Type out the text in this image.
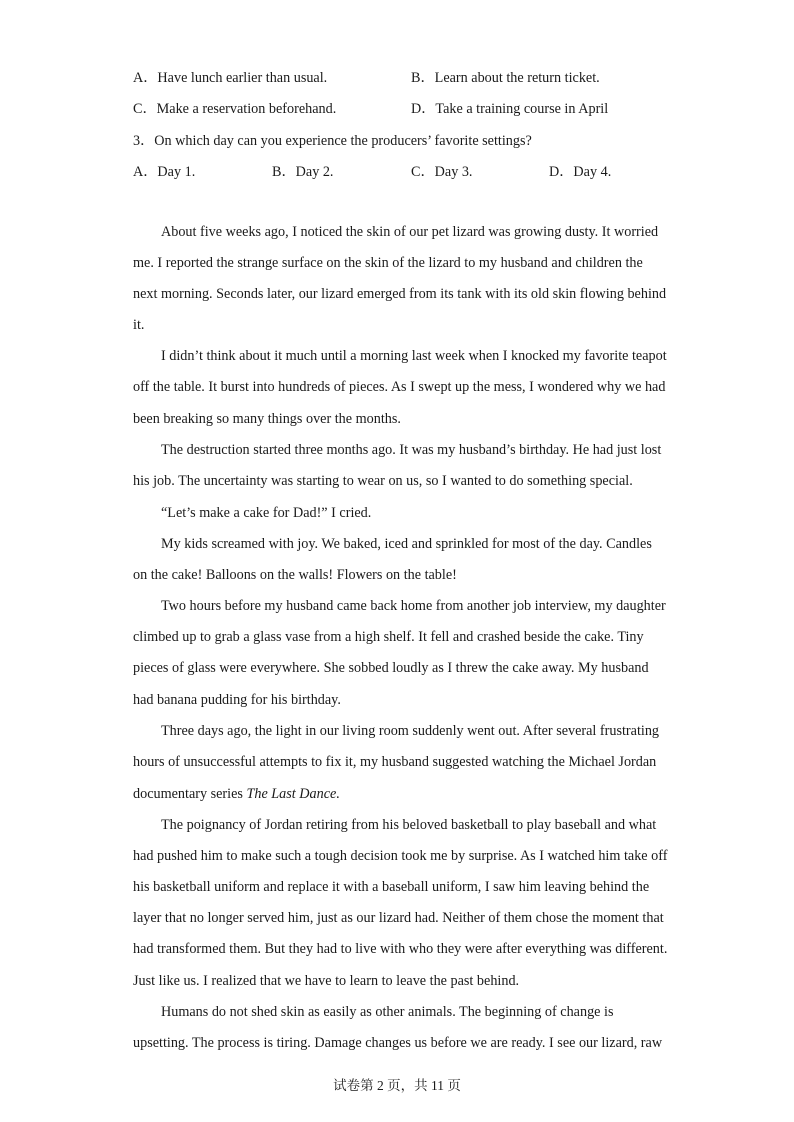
A．Have lunch earlier than usual.	B．Learn about the return ticket.
C．Make a reservation beforehand.	D．Take a training course in April
3．On which day can you experience the producers’ favorite settings?
A．Day 1.	B．Day 2.	C．Day 3.	D．Day 4.
About five weeks ago, I noticed the skin of our pet lizard was growing dusty. It worried
me. I reported the strange surface on the skin of the lizard to my husband and children the
next morning. Seconds later, our lizard emerged from its tank with its old skin flowing behind
it.
I didn’t think about it much until a morning last week when I knocked my favorite teapot
off the table. It burst into hundreds of pieces. As I swept up the mess, I wondered why we had
been breaking so many things over the months.
The destruction started three months ago. It was my husband’s birthday. He had just lost
his job. The uncertainty was starting to wear on us, so I wanted to do something special.
“Let’s make a cake for Dad!” I cried.
My kids screamed with joy. We baked, iced and sprinkled for most of the day. Candles
on the cake! Balloons on the walls! Flowers on the table!
Two hours before my husband came back home from another job interview, my daughter
climbed up to grab a glass vase from a high shelf. It fell and crashed beside the cake. Tiny
pieces of glass were everywhere. She sobbed loudly as I threw the cake away. My husband
had banana pudding for his birthday.
Three days ago, the light in our living room suddenly went out. After several frustrating
hours of unsuccessful attempts to fix it, my husband suggested watching the Michael Jordan
documentary series The Last Dance.
The poignancy of Jordan retiring from his beloved basketball to play baseball and what
had pushed him to make such a tough decision took me by surprise. As I watched him take off
his basketball uniform and replace it with a baseball uniform, I saw him leaving behind the
layer that no longer served him, just as our lizard had. Neither of them chose the moment that
had transformed them. But they had to live with who they were after everything was different.
Just like us. I realized that we have to learn to leave the past behind.
Humans do not shed skin as easily as other animals. The beginning of change is
upsetting. The process is tiring. Damage changes us before we are ready. I see our lizard, raw
试卷第 2 页，共 11 页
